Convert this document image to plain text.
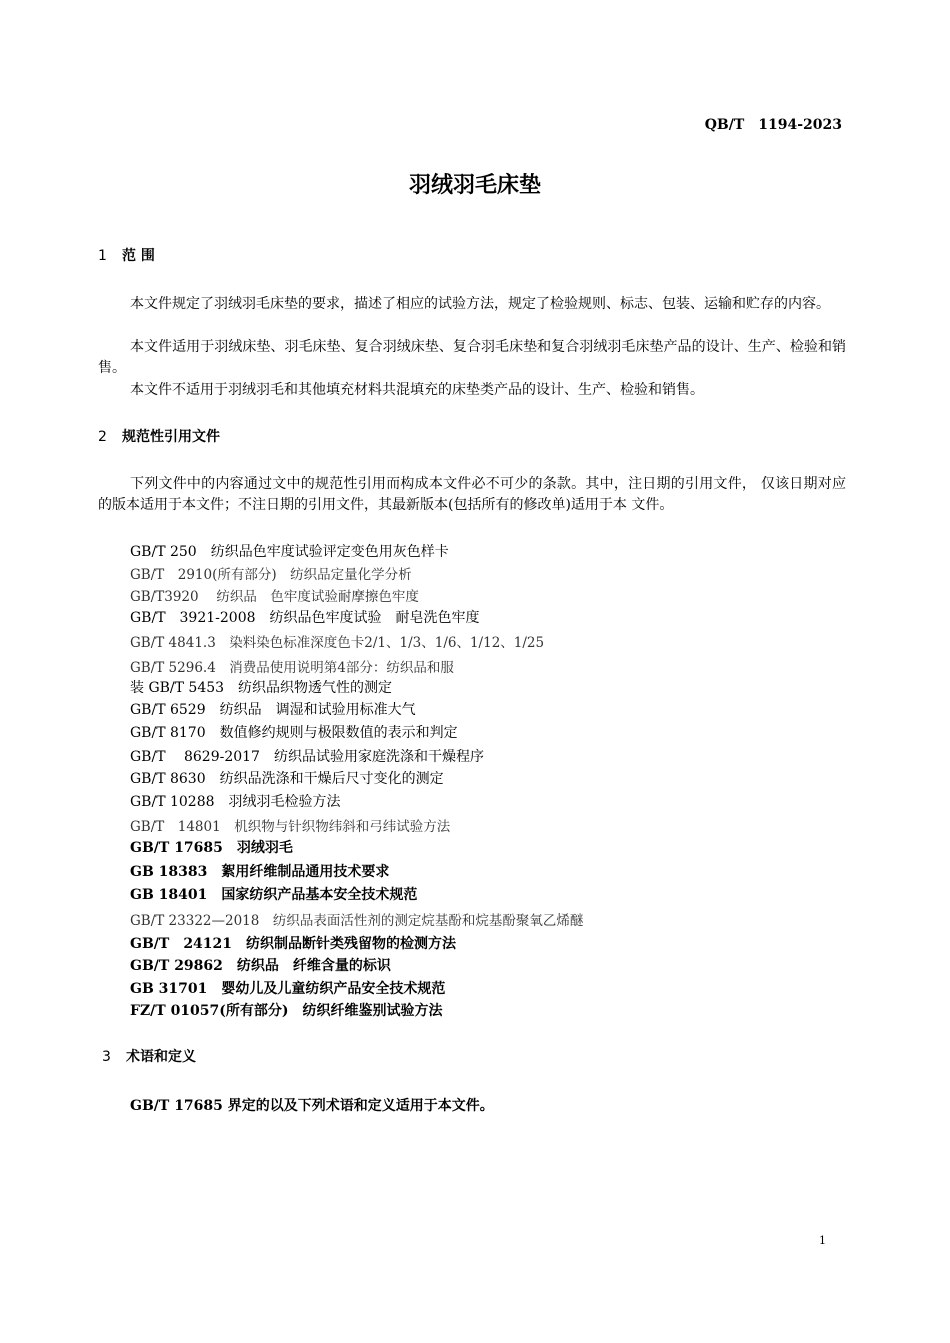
QB/T　1194-2023
羽绒羽毛床垫
1 范 围
本文件规定了羽绒羽毛床垫的要求，描述了相应的试验方法，规定了检验规则、标志、包装、运输和贮存的内容。
本文件适用于羽绒床垫、羽毛床垫、复合羽绒床垫、复合羽毛床垫和复合羽绒羽毛床垫产品的设计、生产、检验和销售。
本文件不适用于羽绒羽毛和其他填充材料共混填充的床垫类产品的设计、生产、检验和销售。
2 规范性引用文件
下列文件中的内容通过文中的规范性引用而构成本文件必不可少的条款。其中，注日期的引用文件， 仅该日期对应的版本适用于本文件；不注日期的引用文件，其最新版本(包括所有的修改单)适用于本 文件。
GB/T 250　纺织品色牢度试验评定变色用灰色样卡
GB/T　2910(所有部分)　纺织品定量化学分析
GB/T3920　 纺织品　色牢度试验耐摩擦色牢度
GB/T　3921-2008　纺织品色牢度试验　耐皂洗色牢度
GB/T 4841.3　染料染色标准深度色卡2/1、1/3、1/6、1/12、1/25
GB/T 5296.4　消费品使用说明第4部分：纺织品和服
装 GB/T 5453　纺织品织物透气性的测定
GB/T 6529　纺织品　调湿和试验用标准大气
GB/T 8170　数值修约规则与极限数值的表示和判定
GB/T　 8629-2017　纺织品试验用家庭洗涤和干燥程序
GB/T 8630　纺织品洗涤和干燥后尺寸变化的测定
GB/T 10288　羽绒羽毛检验方法
GB/T　14801　机织物与针织物纬斜和弓纬试验方法
GB/T 17685　羽绒羽毛
GB 18383　絮用纤维制品通用技术要求
GB 18401　国家纺织产品基本安全技术规范
GB/T 23322—2018　纺织品表面活性剂的测定烷基酚和烷基酚聚氧乙烯醚
GB/T　24121　纺织制品断针类残留物的检测方法
GB/T 29862　纺织品　纤维含量的标识
GB 31701　婴幼儿及儿童纺织产品安全技术规范
FZ/T 01057(所有部分)　纺织纤维鉴别试验方法
3 术语和定义
GB/T 17685 界定的以及下列术语和定义适用于本文件。
1
